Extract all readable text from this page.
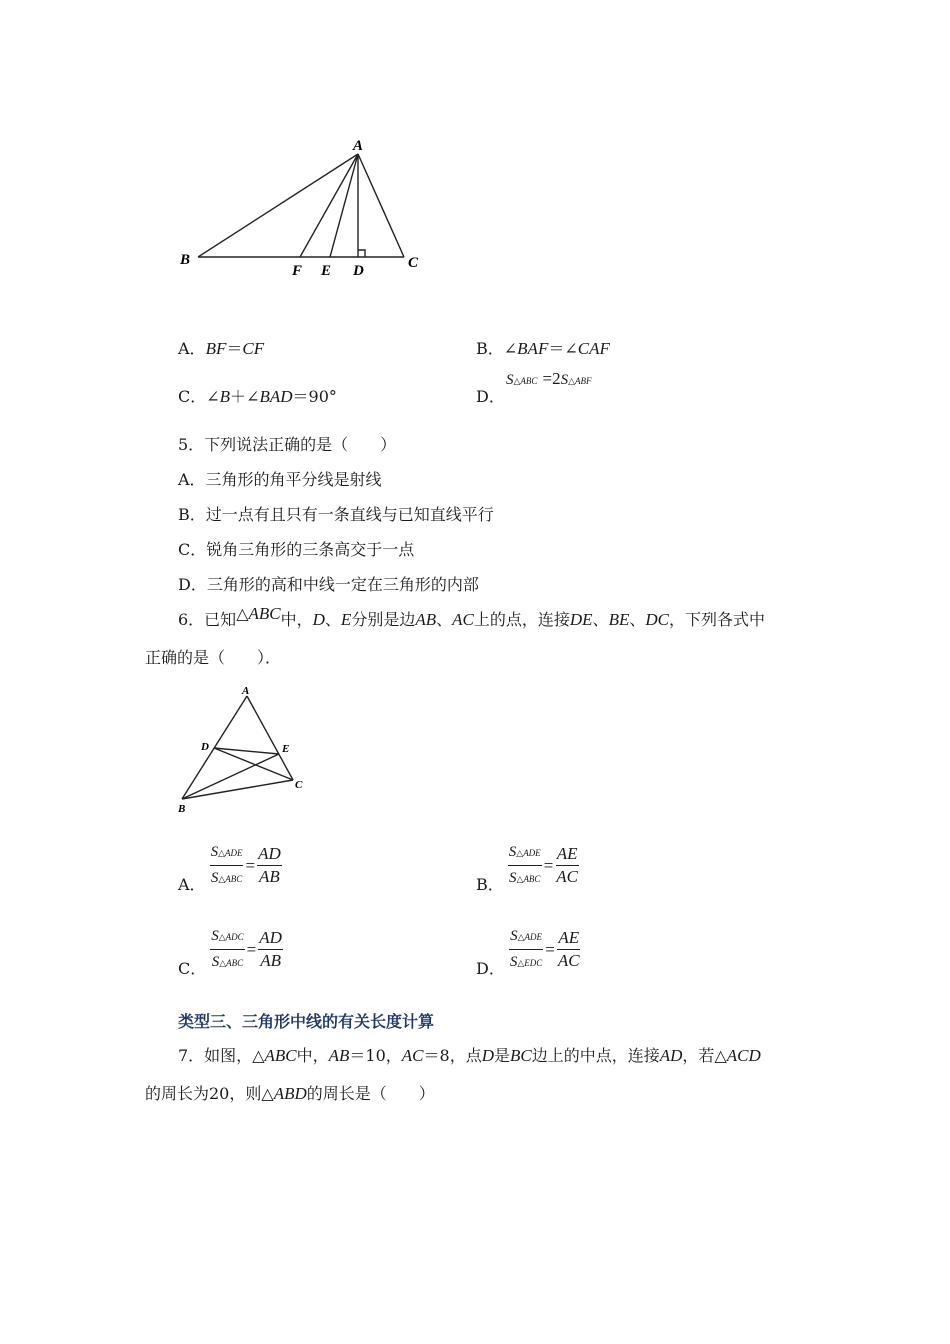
A
B
F E D	C
A．BF＝CF	B．∠BAF＝∠CAF
C．∠B＋∠BAD＝90°	D．
S△ABC =2S△ABF
5．下列说法正确的是（　　）
A．三角形的角平分线是射线
B．过一点有且只有一条直线与已知直线平行
C．锐角三角形的三条高交于一点
D．三角形的高和中线一定在三角形的内部
6．已知△ABC中，D、E分别是边AB、AC上的点，连接DE、BE、DC，下列各式中
正确的是（　　）．
A
D	E
B
C
A． $\frac{\text{S△ADE}}{\text{S△ABC}} = \frac{AD}{AB}$	B． $\frac{\text{S△ADE}}{\text{S△ABC}} = \frac{AE}{AC}$
C． $\frac{\text{S△ADC}}{\text{S△ABC}} = \frac{AD}{AB}$	D． $\frac{\text{S△ADE}}{\text{S△EDC}} = \frac{AE}{AC}$
类型三、三角形中线的有关长度计算
7．如图，△ABC中，AB＝10，AC＝8，点D是BC边上的中点，连接AD，若△ACD
的周长为20，则△ABD的周长是（　　）
